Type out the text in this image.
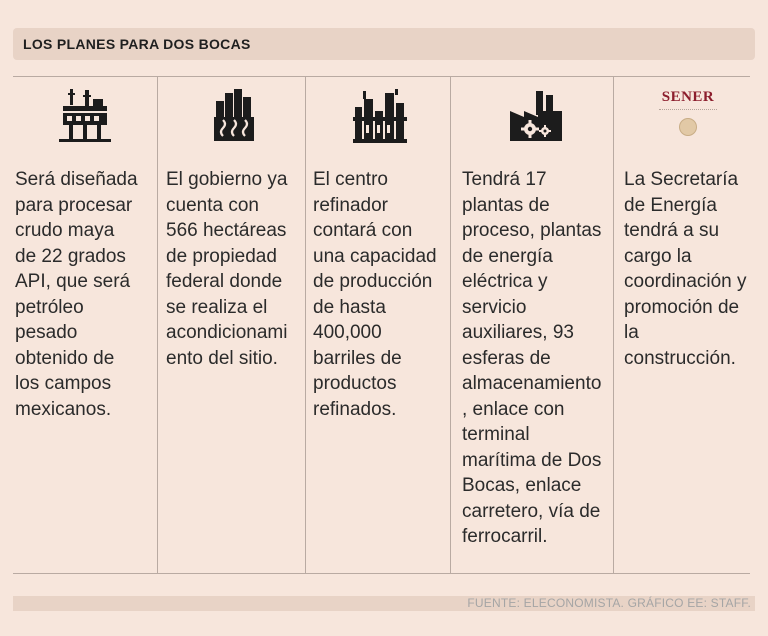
LOS PLANES PARA DOS BOCAS
Será diseñada
para procesar
crudo maya
de 22 grados
API, que será
petróleo
pesado
obtenido de
los campos
mexicanos.
El gobierno ya
cuenta con
566 hectáreas
de propiedad
federal donde
se realiza el
acondicionami
ento del sitio.
El centro
refinador
contará con
una capacidad
de producción
de hasta
400,000
barriles de
productos
refinados.
Tendrá 17
plantas de
proceso, plantas
de energía
eléctrica y
servicio
auxiliares, 93
esferas de
almacenamiento
, enlace con
terminal
marítima de Dos
Bocas, enlace
carretero, vía de
ferrocarril.
SENER
La Secretaría
de Energía
tendrá a su
cargo la
coordinación y
promoción de
la
construcción.
FUENTE: ELECONOMISTA. GRÁFICO EE: STAFF.
